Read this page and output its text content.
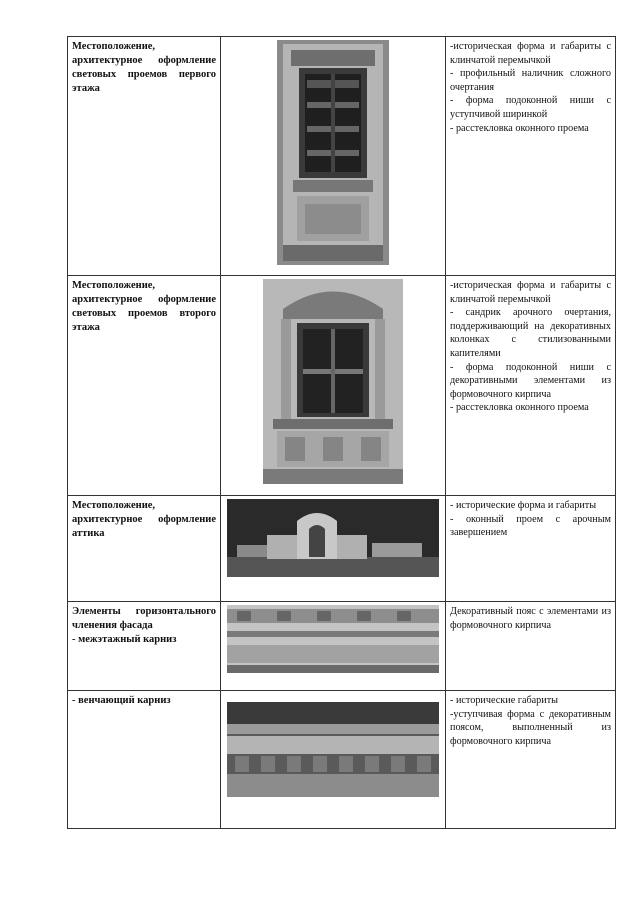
Местоположение, архитектурное оформление световых проемов первого этажа		-историческая форма и габариты с клинчатой перемычкой
- профильный наличник сложного очертания
- форма подоконной ниши с уступчивой ширинкой
- расстекловка оконного проема

Местоположение, архитектурное оформление световых проемов второго этажа		-историческая форма и габариты с клинчатой перемычкой
- сандрик арочного очертания, поддерживающий на декоративных колонках с стилизованными капителями
- форма подоконной ниши с декоративными элементами из формовочного кирпича
- расстекловка оконного проема

Местоположение, архитектурное оформление аттика		- исторические форма и габариты
- оконный проем с арочным завершением

Элементы горизонтального членения фасада
- межэтажный карниз		Декоративный пояс с элементами из формовочного кирпича

- венчающий карниз		- исторические габариты
-уступчивая форма с декоративным поясом, выполненный из формовочного кирпича
